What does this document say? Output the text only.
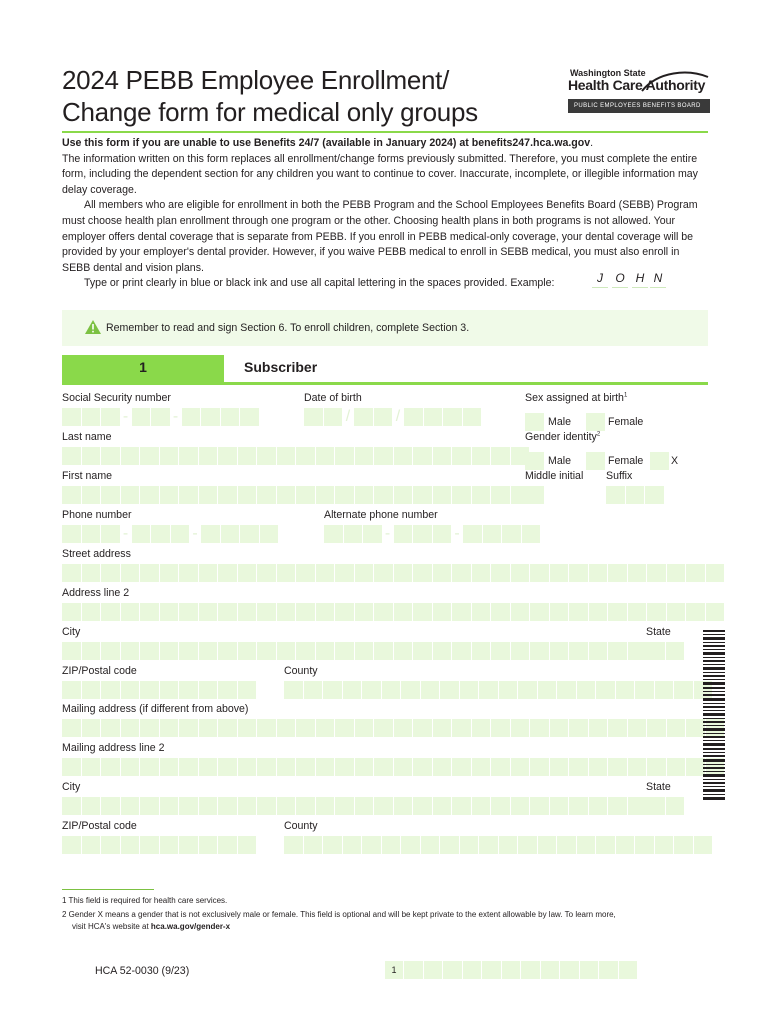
2024 PEBB Employee Enrollment/
Change form for medical only groups
Washington State
Health Care Authority
PUBLIC EMPLOYEES BENEFITS BOARD

Use this form if you are unable to use Benefits 24/7 (available in January 2024) at benefits247.hca.wa.gov.

The information written on this form replaces all enrollment/change forms previously submitted. Therefore, you must complete the entire form, including the dependent section for any children you want to continue to cover. Inaccurate, incomplete, or illegible information may delay coverage.

All members who are eligible for enrollment in both the PEBB Program and the School Employees Benefits Board (SEBB) Program must choose health plan enrollment through one program or the other. Choosing health plans in both programs is not allowed. Your employer offers dental coverage that is separate from PEBB. If you enroll in PEBB medical-only coverage, your dental coverage will be provided by your employer's dental provider. However, if you waive PEBB medical to enroll in SEBB medical, you must also enroll in SEBB dental and vision plans.

Type or print clearly in blue or black ink and use all capital lettering in the spaces provided. Example:	J	O H N
Remember to read and sign Section 6. To enroll children, complete Section 3.
1	Subscriber
Social Security number
-	-
Date of birth
/	/
Sex assigned at birth$^1$
Male	Female
Last name	Gender identity$^2$
Male	Female	X
First name	Middle initial Suffix
Phone number
-	-
Alternate phone number
-	-
Street address
Address line 2
City	State
ZIP/Postal code	County
Mailing address (if different from above)
Mailing address line 2
City	State
ZIP/Postal code	County
1 This field is required for health care services.
2 Gender X means a gender that is not exclusively male or female. This field is optional and will be kept private to the extent allowable by law. To learn more,
visit HCA's website at hca.wa.gov/gender-x
HCA 52-0030 (9/23)	1
